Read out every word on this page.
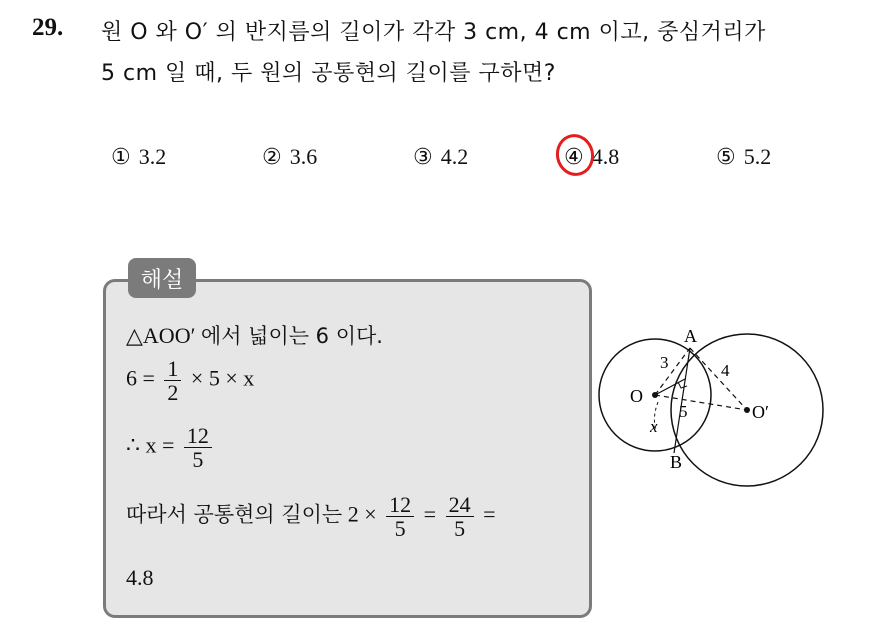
29. 원 O 와 O′ 의 반지름의 길이가 각각 3 cm, 4 cm 이고, 중심거리가
5 cm 일 때, 두 원의 공통현의 길이를 구하면?
① 3.2	② 3.6	③ 4.2	④ 4.8	⑤ 5.2
해설
△AOO′ 에서 넓이는 6 이다.
$6 = \frac{1}{2} \times 5 \times x$
∴ $x = \frac{12}{5}$
따라서 공통현의 길이는 $2 \times \frac{12}{5} = \frac{24}{5}$ =
4.8
A
B
O
O′
3	4
5
x
